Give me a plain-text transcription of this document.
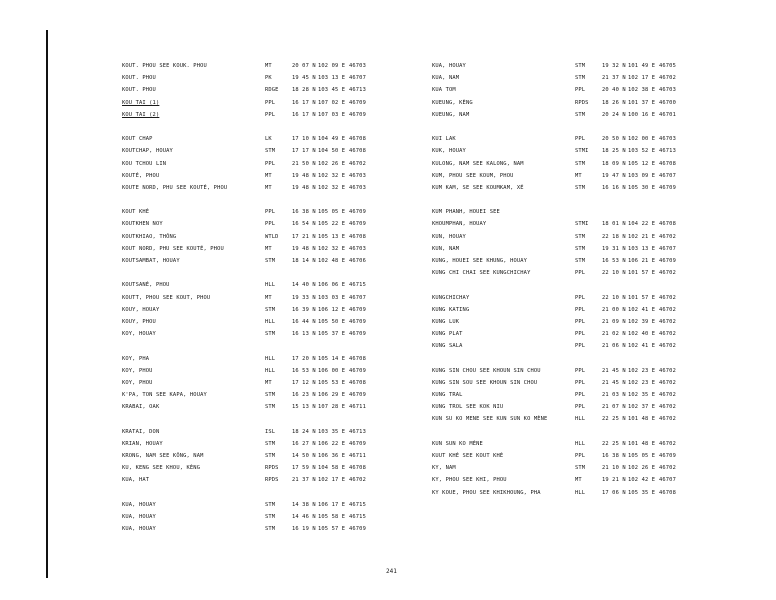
KOUT. PHOU SEE KOUK. PHOU	MT	20 07 N 102 09 E 46703
KOUT. PHOU	PK	19 45 N 103 13 E 46707
KOUT. PHOU	RDGE 18 28 N 103 45 E 46713
KOU TAI (1)	PPL	16 17 N 107 02 E 46709
KOU TAI (2)	PPL	16 17 N 107 03 E 46709
KOUT CHAP	LK	17 10 N 104 49 E 46708
KOUTCHAP, HOUAY	STM	17 17 N 104 50 E 46708
KOU TCHOU LIN	PPL	21 50 N 102 26 E 46702
KOUTÉ, PHOU	MT	19 48 N 102 32 E 46703
KOUTE NORD, PHU SEE KOUTÉ, PHOU	MT	19 48 N 102 32 E 46703
KOUT KHÉ	PPL	16 38 N 105 05 E 46709
KOUTKHEN NOY	PPL	16 54 N 105 22 E 46709
KOUTKHIAO, THÔNG	WTLD 17 21 N 105 13 E 46708
KOUT NORD, PHU SEE KOUTÉ, PHOU	MT	19 48 N 102 32 E 46703
KOUTSAMBAT, HOUAY	STM	18 14 N 102 48 E 46706
KOUTSANÉ, PHOU	HLL	14 40 N 106 06 E 46715
KOUTT, PHOU SEE KOUT, PHOU	MT	19 33 N 103 03 E 46707
KOUY, HOUAY	STM	16 39 N 106 12 E 46709
KOUY, PHOU	HLL	16 44 N 105 50 E 46709
KOY, HOUAY	STM	16 13 N 105 37 E 46709
KOY, PHA	HLL	17 20 N 105 14 E 46708
KOY, PHOU	HLL	16 53 N 106 00 E 46709
KOY, PHOU	MT	17 12 N 105 53 E 46708
K'PA, TON SEE KAPA, HOUAY	STM	16 23 N 106 29 E 46709
KRABAI, OAK	STM	15 13 N 107 28 E 46711
KRATAI, DON	ISL	18 24 N 103 35 E 46713
KRIAN, HOUAY	STM	16 27 N 106 22 E 46709
KRONG, NAM SEE KÔNG, NAM	STM	14 50 N 106 36 E 46711
KU, KENG SEE KHOU, KÈNG	RPDS 17 59 N 104 58 E 46708
KUA, HAT	RPDS 21 37 N 102 17 E 46702
KUA, HOUAY	STM	14 38 N 106 17 E 46715
KUA, HOUAY	STM	14 46 N 105 58 E 46715
KUA, HOUAY	STM	16 19 N 105 57 E 46709
KUA, HOUAY	STM	19 32 N 101 49 E 46705
KUA, NAM	STM	21 37 N 102 17 E 46702
KUA TOM	PPL	20 40 N 102 38 E 46703
KUEUNG, KÈNG	RPDS 18 26 N 101 37 E 46700
KUEUNG, NAM	STM	20 24 N 100 16 E 46701
KUI LAK	PPL	20 50 N 102 00 E 46703
KUK, HOUAY	STMI 18 25 N 103 52 E 46713
KULONG, NAM SEE KALONG, NAM	STM	18 09 N 105 12 E 46708
KUM, PHOU SEE KOUM, PHOU	MT	19 47 N 103 09 E 46707
KUM KAM, SE SEE KOUMKAM, XÉ	STM	16 16 N 105 30 E 46709
KUM PHANH, HOUEI SEE
KHOUMPHAN, HOUAY	STMI 18 01 N 104 22 E 46708
KUN, HOUAY	STM	22 18 N 102 21 E 46702
KUN, NAM	STM	19 31 N 103 13 E 46707
KUNG, HOUEI SEE KHUNG, HOUAY	STM	16 53 N 106 21 E 46709
KUNG CHI CHAI SEE KUNGCHICHAY	PPL	22 10 N 101 57 E 46702
KUNGCHICHAY	PPL	22 10 N 101 57 E 46702
KUNG KATING	PPL	21 00 N 102 41 E 46702
KUNG LUK	PPL	21 09 N 102 39 E 46702
KUNG PLAT	PPL	21 02 N 102 40 E 46702
KUNG SALA	PPL	21 06 N 102 41 E 46702
KUNG SIN CHOU SEE KHOUN SIN CHOU	PPL	21 45 N 102 23 E 46702
KUNG SIN SOU SEE KHOUN SIN CHOU	PPL	21 45 N 102 23 E 46702
KUNG TRAL	PPL	21 03 N 102 35 E 46702
KUNG TROL SEE KOK NIU	PPL	21 07 N 102 37 E 46702
KUN SU KO MENE SEE KUN SUN KO MÈNE	HLL	22 25 N 101 48 E 46702
KUN SUN KO MÈNE	HLL	22 25 N 101 48 E 46702
KUUT KHÉ SEE KOUT KHÉ	PPL	16 38 N 105 05 E 46709
KY, NAM	STM	21 10 N 102 26 E 46702
KY, PHOU SEE KHI, PHOU	MT	19 21 N 102 42 E 46707
KY KOUE, PHOU SEE KHIKHOUNG, PHA	HLL	17 06 N 105 35 E 46708
241
